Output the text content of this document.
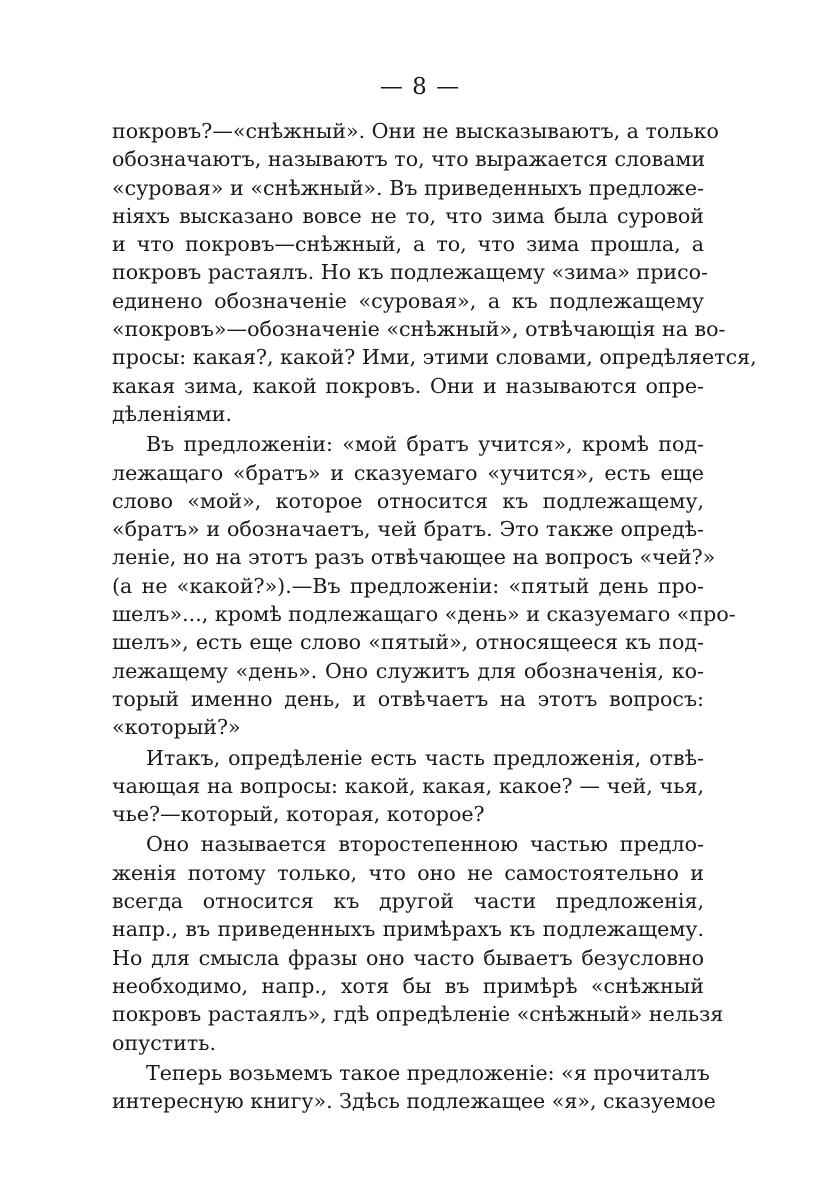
— 8 —
покровъ?—«снѣжный». Они не высказываютъ, а только
обозначаютъ, называютъ то, что выражается словами
«суровая» и «снѣжный». Въ приведенныхъ предложе-
ніяхъ высказано вовсе не то, что зима была суровой
и что покровъ—снѣжный, а то, что зима прошла, а
покровъ растаялъ. Но къ подлежащему «зима» присо-
единено обозначеніе «суровая», а къ подлежащему
«покровъ»—обозначеніе «снѣжный», отвѣчающія на во-
просы: какая?, какой? Ими, этими словами, опредѣляется,
какая зима, какой покровъ. Они и называются опре-
дѣленіями.
Въ предложеніи: «мой братъ учится», кромѣ под-
лежащаго «братъ» и сказуемаго «учится», есть еще
слово «мой», которое относится къ подлежащему,
«братъ» и обозначаетъ, чей братъ. Это также опредѣ-
леніе, но на этотъ разъ отвѣчающее на вопросъ «чей?»
(а не «какой?»).—Въ предложеніи: «пятый день про-
шелъ»..., кромѣ подлежащаго «день» и сказуемаго «про-
шелъ», есть еще слово «пятый», относящееся къ под-
лежащему «день». Оно служитъ для обозначенія, ко-
торый именно день, и отвѣчаетъ на этотъ вопросъ:
«который?»
Итакъ, опредѣленіе есть часть предложенія, отвѣ-
чающая на вопросы: какой, какая, какое? — чей, чья,
чье?—который, которая, которое?
Оно называется второстепенною частью предло-
женія потому только, что оно не самостоятельно и
всегда относится къ другой части предложенія,
напр., въ приведенныхъ примѣрахъ къ подлежащему.
Но для смысла фразы оно часто бываетъ безусловно
необходимо, напр., хотя бы въ примѣрѣ «снѣжный
покровъ растаялъ», гдѣ опредѣленіе «снѣжный» нельзя
опустить.
Теперь возьмемъ такое предложеніе: «я прочиталъ
интересную книгу». Здѣсь подлежащее «я», сказуемое
